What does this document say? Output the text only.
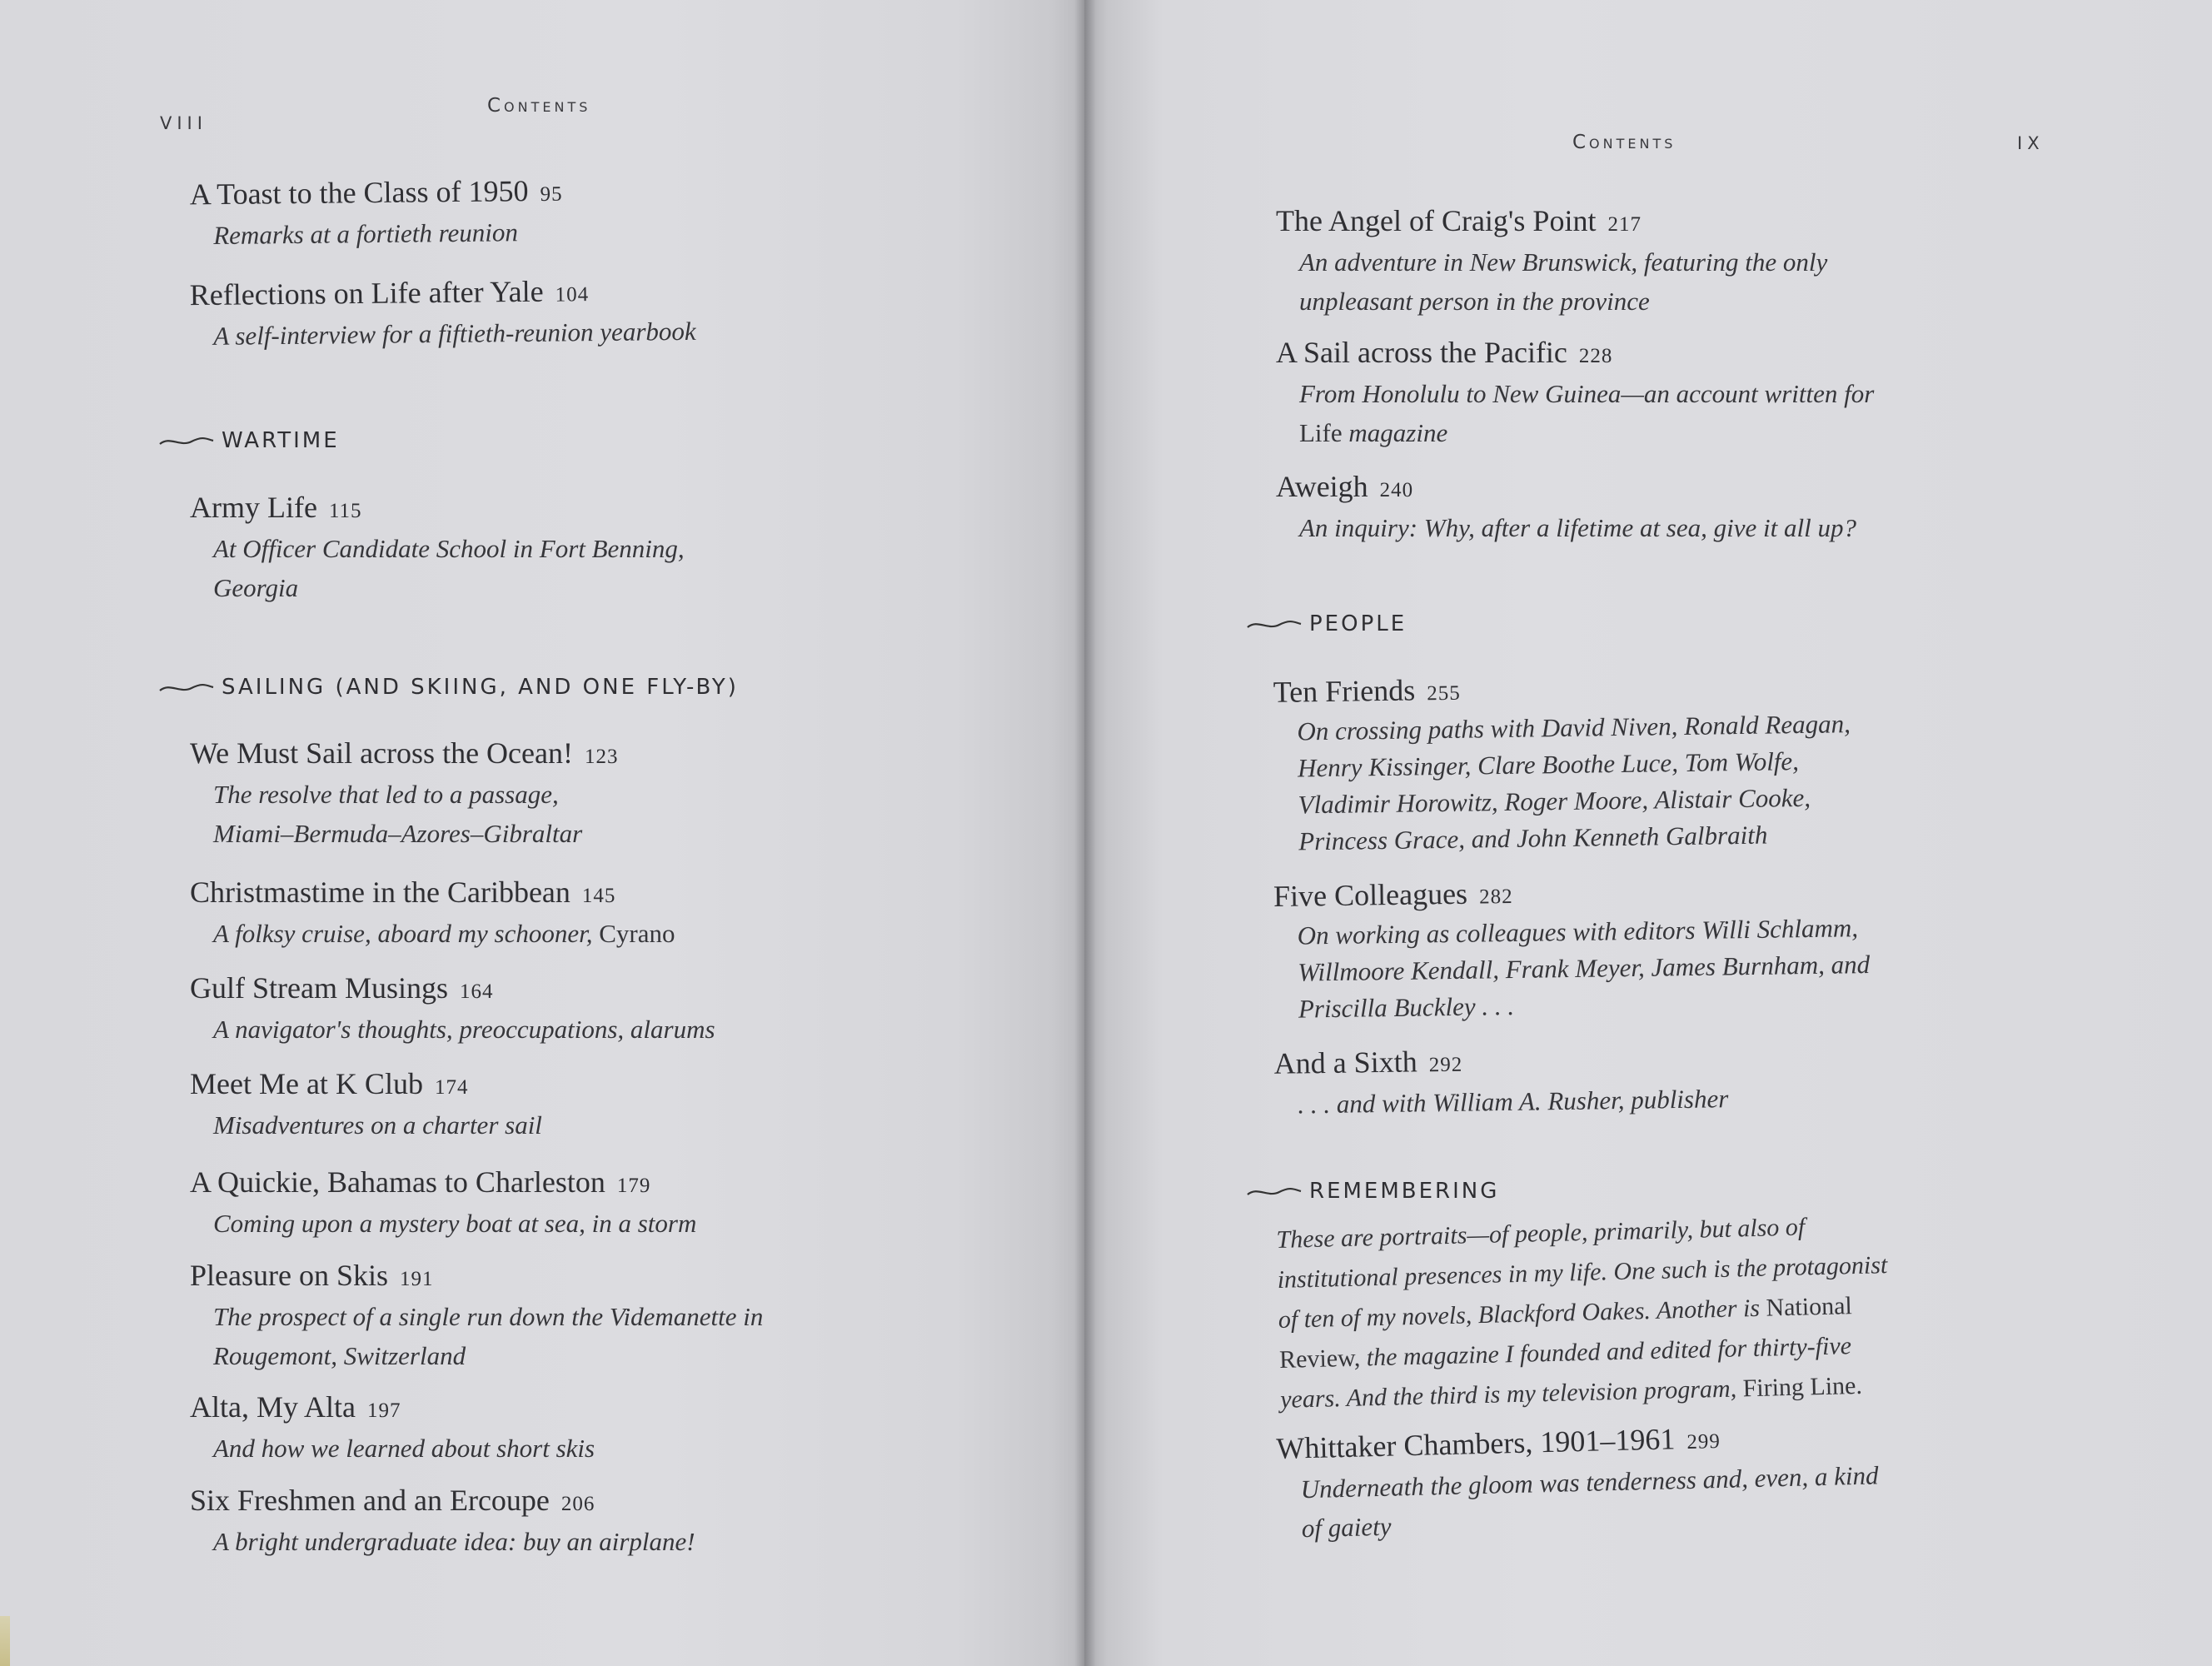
VIII
Contents
A Toast to the Class of 1950 95
Remarks at a fortieth reunion
Reflections on Life after Yale 104
A self-interview for a fiftieth-reunion yearbook
WARTIME
Army Life 115
At Officer Candidate School in Fort Benning,
Georgia
SAILING (AND SKIING, AND ONE FLY-BY)
We Must Sail across the Ocean! 123
The resolve that led to a passage,
Miami–Bermuda–Azores–Gibraltar
Christmastime in the Caribbean 145
A folksy cruise, aboard my schooner, Cyrano
Gulf Stream Musings 164
A navigator's thoughts, preoccupations, alarums
Meet Me at K Club 174
Misadventures on a charter sail
A Quickie, Bahamas to Charleston 179
Coming upon a mystery boat at sea, in a storm
Pleasure on Skis 191
The prospect of a single run down the Videmanette in
Rougemont, Switzerland
Alta, My Alta 197
And how we learned about short skis
Six Freshmen and an Ercoupe 206
A bright undergraduate idea: buy an airplane!
Contents	IX
The Angel of Craig's Point 217
An adventure in New Brunswick, featuring the only
unpleasant person in the province
A Sail across the Pacific 228
From Honolulu to New Guinea—an account written for
Life magazine
Aweigh 240
An inquiry: Why, after a lifetime at sea, give it all up?
PEOPLE
Ten Friends 255
On crossing paths with David Niven, Ronald Reagan,
Henry Kissinger, Clare Boothe Luce, Tom Wolfe,
Vladimir Horowitz, Roger Moore, Alistair Cooke,
Princess Grace, and John Kenneth Galbraith
Five Colleagues 282
On working as colleagues with editors Willi Schlamm,
Willmoore Kendall, Frank Meyer, James Burnham, and
Priscilla Buckley . . .
And a Sixth 292
. . . and with William A. Rusher, publisher
REMEMBERING
These are portraits—of people, primarily, but also of
institutional presences in my life. One such is the protagonist
of ten of my novels, Blackford Oakes. Another is National
Review, the magazine I founded and edited for thirty-five
years. And the third is my television program, Firing Line.
Whittaker Chambers, 1901–1961 299
Underneath the gloom was tenderness and, even, a kind
of gaiety
